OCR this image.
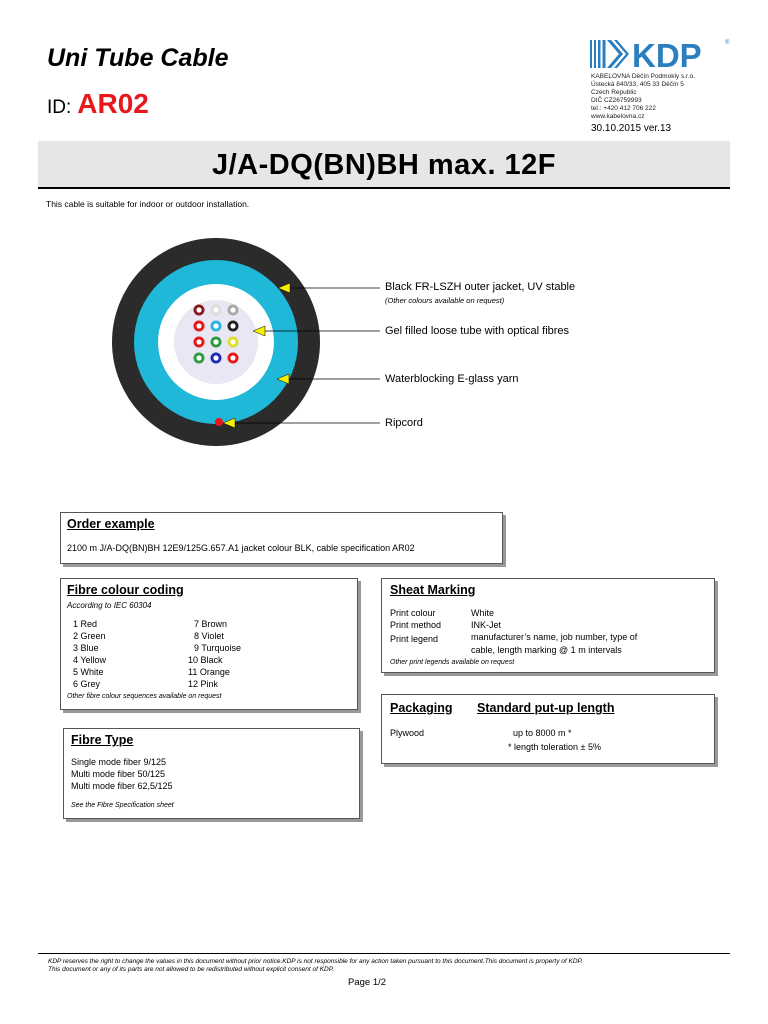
Uni Tube Cable
ID: AR02
KDP	®
KABELOVNA Děčín Podmokly s.r.o.
Ústecká 840/33, 405 33 Děčín 5
Czech Republic
DIČ CZ26759993
tel.: +420 412 706 222
www.kabelovna.cz
30.10.2015 ver.13
J/A-DQ(BN)BH max. 12F
This cable is suitable for indoor or outdoor installation.
Black FR-LSZH outer jacket, UV stable
(Other colours available on request)
Gel filled loose tube with optical fibres
Waterblocking E-glass yarn
Ripcord
Order example
2100 m J/A-DQ(BN)BH 12E9/125G.657.A1 jacket colour BLK, cable specification AR02
Fibre colour coding
According to IEC 60304
1 Red
2 Green
3 Blue
4 Yellow
5 White
6 Grey
7 Brown
8 Violet
9 Turquoise
10 Black
11 Orange
12 Pink
Other fibre colour sequences available on request
Fibre Type
Single mode fiber 9/125
Multi mode fiber 50/125
Multi mode fiber 62,5/125
See the Fibre Specification sheet
Sheat Marking
Print colour	White
Print method	INK-Jet
Print legend	manufacturer’s name, job number, type of
cable, length marking @ 1 m intervals
Other print legends available on request
Packaging Standard put-up length
Plywood	up to 8000 m *
* length toleration ± 5%
KDP reserves the right to change the values in this document without prior notice.KDP is not responsible for any action taken pursuant to this document.This document is property of KDP.
This document or any of its parts are not allowed to be redistributed without explicit consent of KDP.
Page 1/2
